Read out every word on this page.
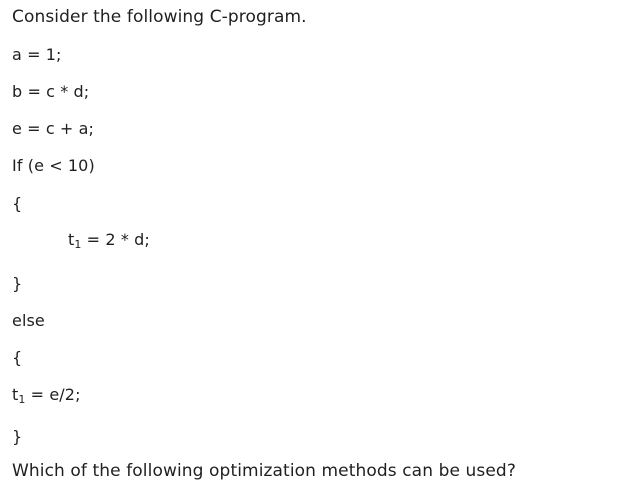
Consider the following C-program.
a = 1;
b = c * d;
e = c + a;
If (e < 10)
{
$t_1 = 2 * d$;
}
else
{
$t_1 = e/2$;
}
Which of the following optimization methods can be used?
